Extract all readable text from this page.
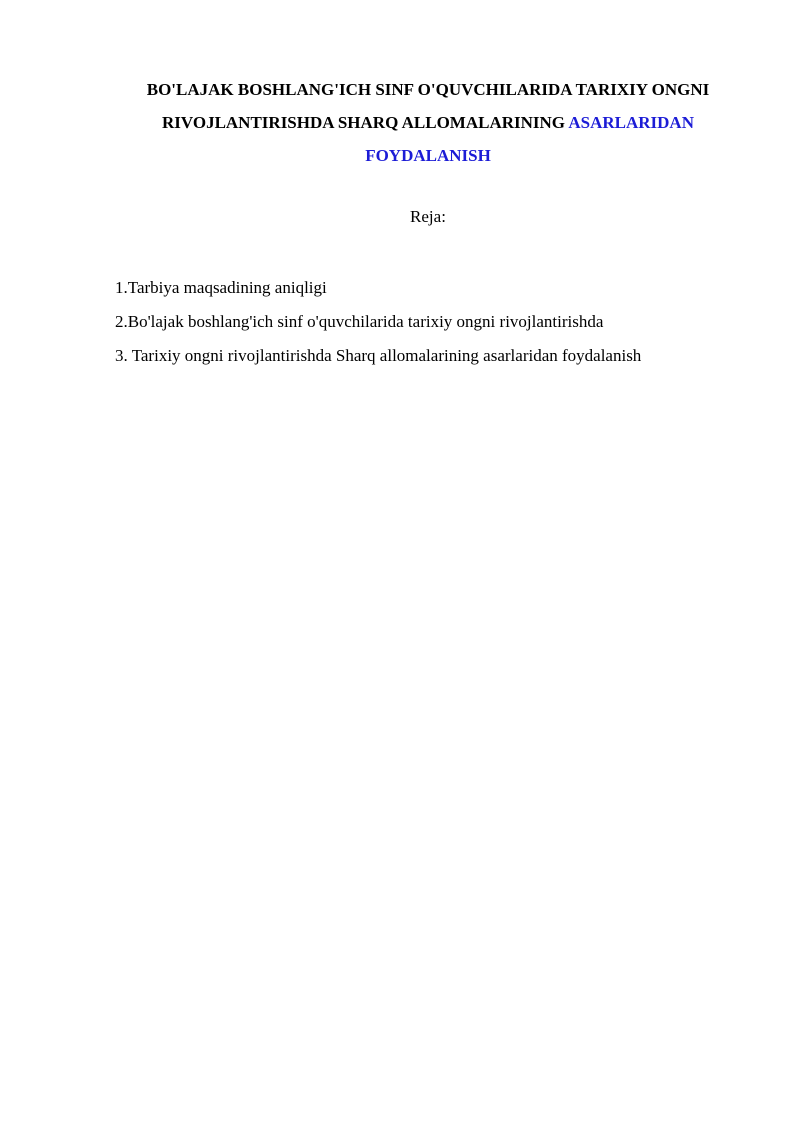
BO'LAJAK BOSHLANG'ICH SINF O'QUVCHILARIDA TARIXIY ONGNI
RIVOJLANTIRISHDA SHARQ ALLOMALARINING ASARLARIDAN
FOYDALANISH
Reja:
1.Tarbiya maqsadining aniqligi
2.Bo'lajak boshlang'ich sinf o'quvchilarida tarixiy ongni rivojlantirishda
3. Tarixiy ongni rivojlantirishda Sharq allomalarining asarlaridan foydalanish
